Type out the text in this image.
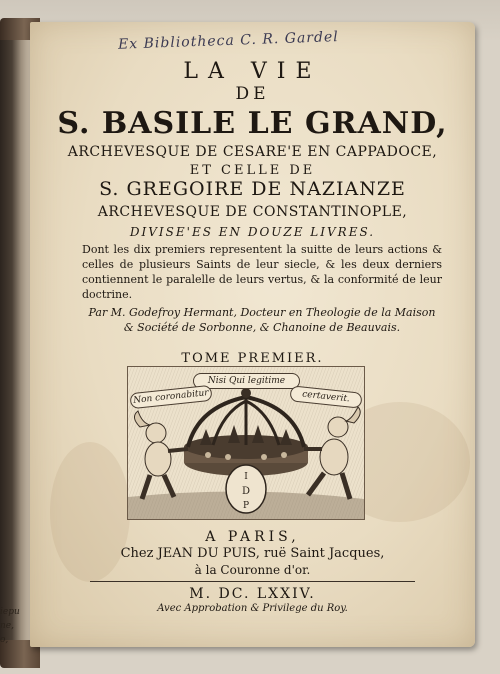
iepu
ne,
o,
Ex Bibliotheca C. R. Gardel
LA VIE
DE
S. BASILE LE GRAND,
ARCHEVESQUE DE CESARE'E EN CAPPADOCE,
ET CELLE DE
S. GREGOIRE DE NAZIANZE
ARCHEVESQUE DE CONSTANTINOPLE,
DIVISE'ES EN DOUZE LIVRES.
Dont les dix premiers representent la suitte de leurs actions & celles de plusieurs Saints de leur siecle, & les deux derniers contiennent le paralelle de leurs vertus, & la conformité de leur doctrine.
Par M. Godefroy Hermant, Docteur en Theologie de la Maison & Société de Sorbonne, & Chanoine de Beauvais.
TOME PREMIER.
I
D
P
Nisi Qui legitime
Non coronabitur	certaverit.
A PARIS,
Chez JEAN DU PUIS, ruë Saint Jacques,
à la Couronne d'or.
M. DC. LXXIV.
Avec Approbation & Privilege du Roy.
